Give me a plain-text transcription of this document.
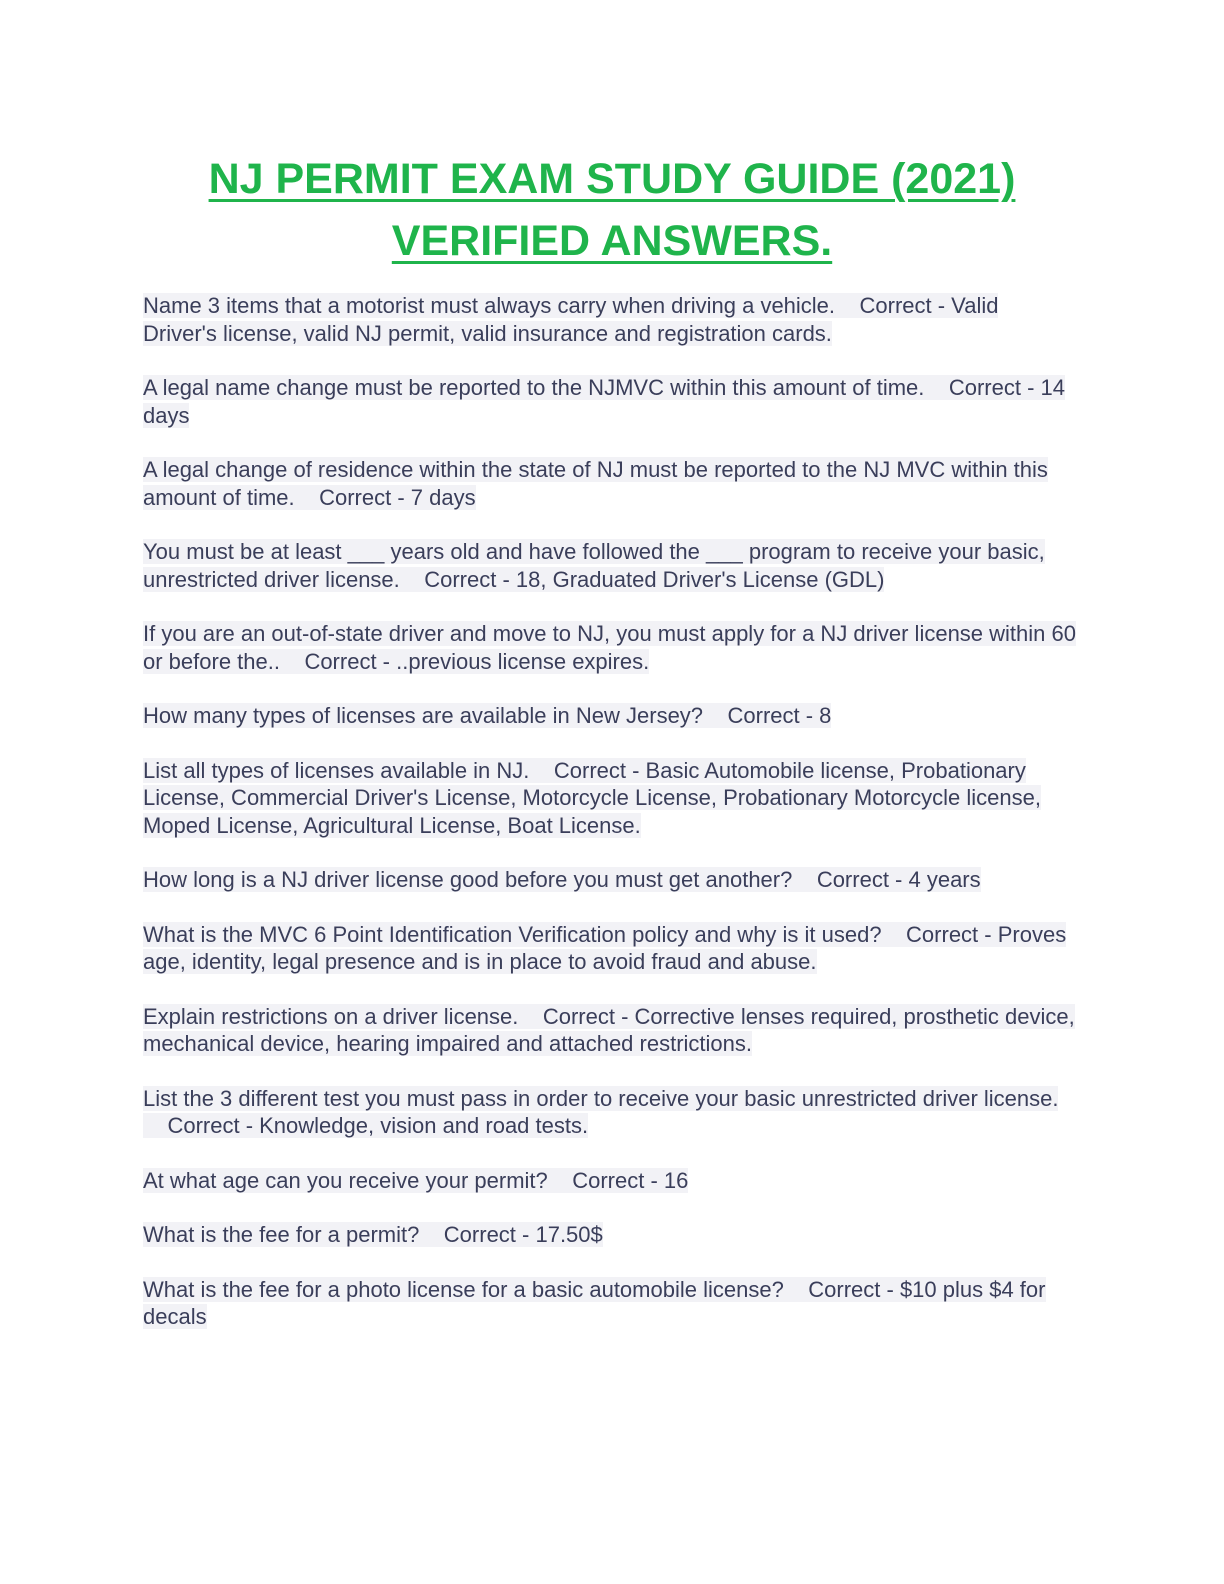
NJ PERMIT EXAM STUDY GUIDE (2021)
VERIFIED ANSWERS.
Name 3 items that a motorist must always carry when driving a vehicle. Correct - Valid Driver's license, valid NJ permit, valid insurance and registration cards.
A legal name change must be reported to the NJMVC within this amount of time. Correct - 14 days
A legal change of residence within the state of NJ must be reported to the NJ MVC within this amount of time. Correct - 7 days
You must be at least ___ years old and have followed the ___ program to receive your basic, unrestricted driver license. Correct - 18, Graduated Driver's License (GDL)
If you are an out-of-state driver and move to NJ, you must apply for a NJ driver license within 60 or before the.. Correct - ..previous license expires.
How many types of licenses are available in New Jersey? Correct - 8
List all types of licenses available in NJ. Correct - Basic Automobile license, Probationary License, Commercial Driver's License, Motorcycle License, Probationary Motorcycle license, Moped License, Agricultural License, Boat License.
How long is a NJ driver license good before you must get another? Correct - 4 years
What is the MVC 6 Point Identification Verification policy and why is it used? Correct - Proves age, identity, legal presence and is in place to avoid fraud and abuse.
Explain restrictions on a driver license. Correct - Corrective lenses required, prosthetic device, mechanical device, hearing impaired and attached restrictions.
List the 3 different test you must pass in order to receive your basic unrestricted driver license.    Correct - Knowledge, vision and road tests.
At what age can you receive your permit? Correct - 16
What is the fee for a permit? Correct - 17.50$
What is the fee for a photo license for a basic automobile license? Correct - $10 plus $4 for decals
